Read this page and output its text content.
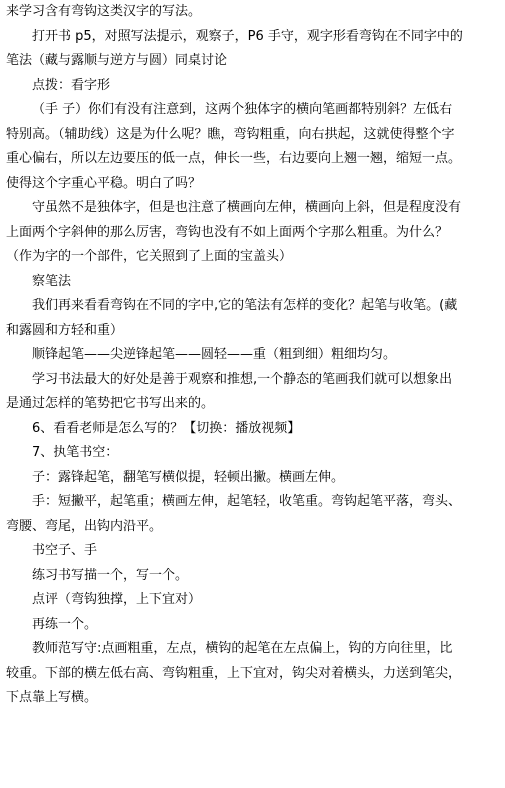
来学习含有弯钩这类汉字的写法。
打开书 p5，对照写法提示，观察子，P6 手守，观字形看弯钩在不同字中的
笔法（藏与露顺与逆方与圆）同桌讨论
点拨：看字形
（手 子）你们有没有注意到，这两个独体字的横向笔画都特别斜？左低右
特别高。（辅助线）这是为什么呢？瞧，弯钩粗重，向右拱起，这就使得整个字
重心偏右，所以左边要压的低一点，伸长一些，右边要向上翘一翘，缩短一点。
使得这个字重心平稳。明白了吗？
守虽然不是独体字，但是也注意了横画向左伸，横画向上斜，但是程度没有
上面两个字斜伸的那么厉害，弯钩也没有不如上面两个字那么粗重。为什么？
（作为字的一个部件，它关照到了上面的宝盖头）
察笔法
我们再来看看弯钩在不同的字中,它的笔法有怎样的变化？起笔与收笔。(藏
和露圆和方轻和重）
顺锋起笔——尖逆锋起笔——圆轻——重（粗到细）粗细均匀。
学习书法最大的好处是善于观察和推想,一个静态的笔画我们就可以想象出
是通过怎样的笔势把它书写出来的。
6、看看老师是怎么写的？【切换：播放视频】
7、执笔书空：
子：露锋起笔，翻笔写横似提，轻顿出撇。横画左伸。
手：短撇平，起笔重；横画左伸，起笔轻，收笔重。弯钩起笔平落，弯头、
弯腰、弯尾，出钩内沿平。
书空子、手
练习书写描一个，写一个。
点评（弯钩独撑，上下宜对）
再练一个。
教师范写守:点画粗重，左点，横钩的起笔在左点偏上，钩的方向往里，比
较重。下部的横左低右高、弯钩粗重，上下宜对，钩尖对着横头，力送到笔尖，
下点靠上写横。
